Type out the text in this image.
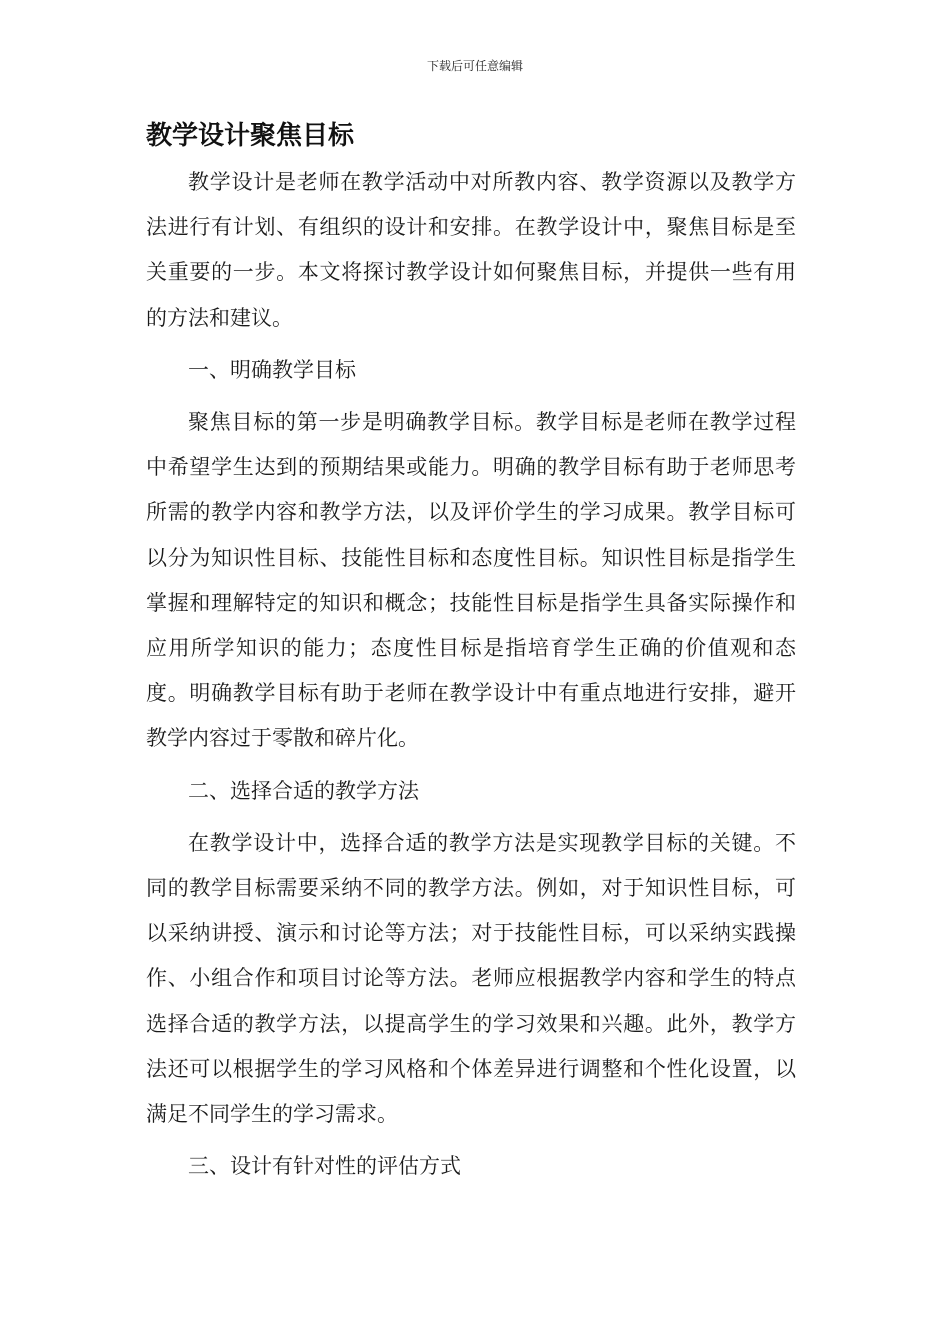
下载后可任意编辑
教学设计聚焦目标

教学设计是老师在教学活动中对所教内容、教学资源以及教学方法进行有计划、有组织的设计和安排。在教学设计中，聚焦目标是至关重要的一步。本文将探讨教学设计如何聚焦目标，并提供一些有用的方法和建议。

一、明确教学目标

聚焦目标的第一步是明确教学目标。教学目标是老师在教学过程中希望学生达到的预期结果或能力。明确的教学目标有助于老师思考所需的教学内容和教学方法，以及评价学生的学习成果。教学目标可以分为知识性目标、技能性目标和态度性目标。知识性目标是指学生掌握和理解特定的知识和概念；技能性目标是指学生具备实际操作和应用所学知识的能力；态度性目标是指培育学生正确的价值观和态度。明确教学目标有助于老师在教学设计中有重点地进行安排，避开教学内容过于零散和碎片化。

二、选择合适的教学方法

在教学设计中，选择合适的教学方法是实现教学目标的关键。不同的教学目标需要采纳不同的教学方法。例如，对于知识性目标，可以采纳讲授、演示和讨论等方法；对于技能性目标，可以采纳实践操作、小组合作和项目讨论等方法。老师应根据教学内容和学生的特点选择合适的教学方法，以提高学生的学习效果和兴趣。此外，教学方法还可以根据学生的学习风格和个体差异进行调整和个性化设置，以满足不同学生的学习需求。

三、设计有针对性的评估方式
